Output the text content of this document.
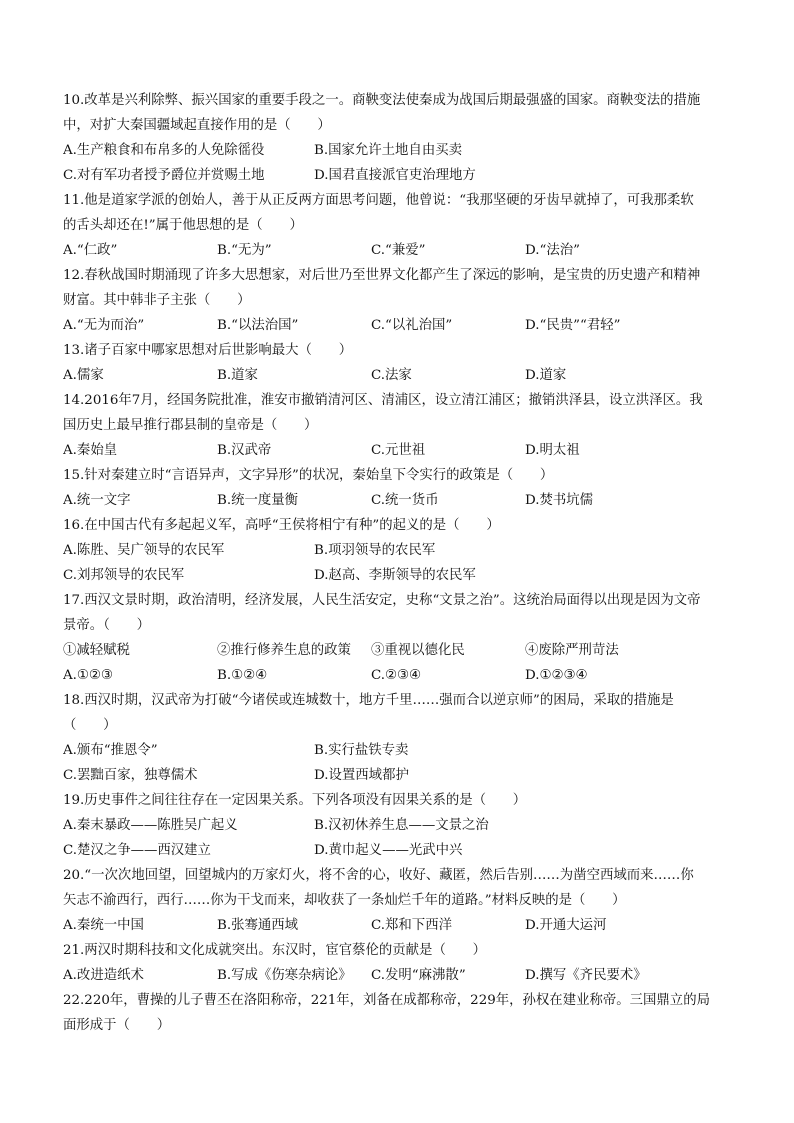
10.改革是兴利除弊、振兴国家的重要手段之一。商鞅变法使秦成为战国后期最强盛的国家。商鞅变法的措施
中，对扩大秦国疆域起直接作用的是（　　）
A.生产粮食和布帛多的人免除徭役	B.国家允许土地自由买卖
C.对有军功者授予爵位并赏赐土地	D.国君直接派官吏治理地方
11.他是道家学派的创始人，善于从正反两方面思考问题，他曾说：“我那坚硬的牙齿早就掉了，可我那柔软
的舌头却还在!”属于他思想的是（　　）
A.“仁政”	B.“无为”	C.“兼爱”	D.“法治”
12.春秋战国时期涌现了许多大思想家，对后世乃至世界文化都产生了深远的影响，是宝贵的历史遗产和精神
财富。其中韩非子主张（　　）
A.“无为而治”	B.“以法治国”	C.“以礼治国”	D.“民贵”“君轻”
13.诸子百家中哪家思想对后世影响最大（　　）
A.儒家	B.道家	C.法家	D.道家
14.2016年7月，经国务院批准，淮安市撤销清河区、清浦区，设立清江浦区；撤销洪泽县，设立洪泽区。我
国历史上最早推行郡县制的皇帝是（　　）
A.秦始皇	B.汉武帝	C.元世祖	D.明太祖
15.针对秦建立时“言语异声，文字异形”的状况，秦始皇下令实行的政策是（　　）
A.统一文字	B.统一度量衡	C.统一货币	D.焚书坑儒
16.在中国古代有多起起义军，高呼“王侯将相宁有种”的起义的是（　　）
A.陈胜、吴广领导的农民军	B.项羽领导的农民军
C.刘邦领导的农民军	D.赵高、李斯领导的农民军
17.西汉文景时期，政治清明，经济发展，人民生活安定，史称“文景之治”。这统治局面得以出现是因为文帝
景帝。（　　）
①减轻赋税	②推行修养生息的政策	③重视以德化民	④废除严刑苛法
A.①②③	B.①②④	C.②③④	D.①②③④
18.西汉时期，汉武帝为打破“今诸侯或连城数十，地方千里……强而合以逆京师”的困局，采取的措施是
（　　）
A.颁布“推恩令”	B.实行盐铁专卖
C.罢黜百家，独尊儒术	D.设置西域都护
19.历史事件之间往往存在一定因果关系。下列各项没有因果关系的是（　　）
A.秦末暴政——陈胜吴广起义	B.汉初休养生息——文景之治
C.楚汉之争——西汉建立	D.黄巾起义——光武中兴
20.“一次次地回望，回望城内的万家灯火，将不舍的心，收好、藏匿，然后告别……为凿空西域而来……你
矢志不渝西行，西行……你为干戈而来，却收获了一条灿烂千年的道路。”材料反映的是（　　）
A.秦统一中国	B.张骞通西域	C.郑和下西洋	D.开通大运河
21.两汉时期科技和文化成就突出。东汉时，宦官蔡伦的贡献是（　　）
A.改进造纸术	B.写成《伤寒杂病论》	C.发明“麻沸散”	D.撰写《齐民要术》
22.220年，曹操的儿子曹丕在洛阳称帝，221年，刘备在成都称帝，229年，孙权在建业称帝。三国鼎立的局
面形成于（　　）
